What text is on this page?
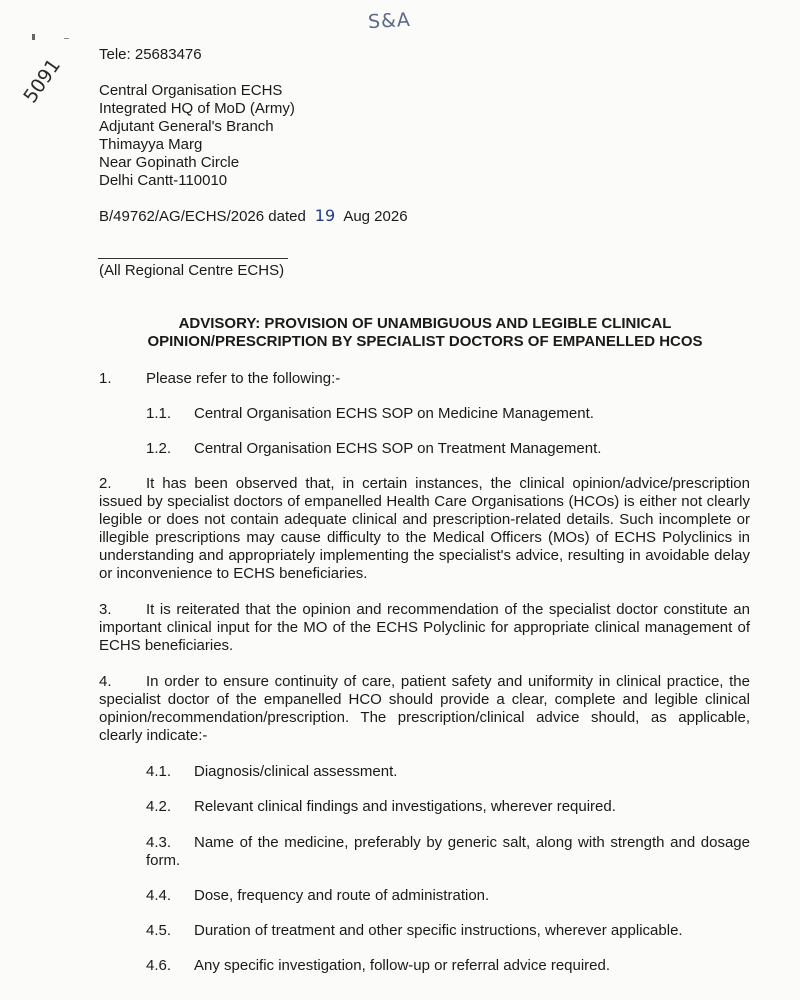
S&A
5091
Tele: 25683476
Central Organisation ECHS
Integrated HQ of MoD (Army)
Adjutant General's Branch
Thimayya Marg
Near Gopinath Circle
Delhi Cantt-110010
B/49762/AG/ECHS/2026 dated 19 Aug 2026
(All Regional Centre ECHS)
ADVISORY: PROVISION OF UNAMBIGUOUS AND LEGIBLE CLINICAL
OPINION/PRESCRIPTION BY SPECIALIST DOCTORS OF EMPANELLED HCOS
1. Please refer to the following:-
1.1. Central Organisation ECHS SOP on Medicine Management.
1.2. Central Organisation ECHS SOP on Treatment Management.
2. It has been observed that, in certain instances, the clinical opinion/advice/prescription issued by specialist doctors of empanelled Health Care Organisations (HCOs) is either not clearly legible or does not contain adequate clinical and prescription-related details. Such incomplete or illegible prescriptions may cause difficulty to the Medical Officers (MOs) of ECHS Polyclinics in understanding and appropriately implementing the specialist's advice, resulting in avoidable delay or inconvenience to ECHS beneficiaries.
3. It is reiterated that the opinion and recommendation of the specialist doctor constitute an important clinical input for the MO of the ECHS Polyclinic for appropriate clinical management of ECHS beneficiaries.
4. In order to ensure continuity of care, patient safety and uniformity in clinical practice, the specialist doctor of the empanelled HCO should provide a clear, complete and legible clinical opinion/recommendation/prescription. The prescription/clinical advice should, as applicable, clearly indicate:-
4.1. Diagnosis/clinical assessment.
4.2. Relevant clinical findings and investigations, wherever required.
4.3. Name of the medicine, preferably by generic salt, along with strength and dosage form.
4.4. Dose, frequency and route of administration.
4.5. Duration of treatment and other specific instructions, wherever applicable.
4.6. Any specific investigation, follow-up or referral advice required.
